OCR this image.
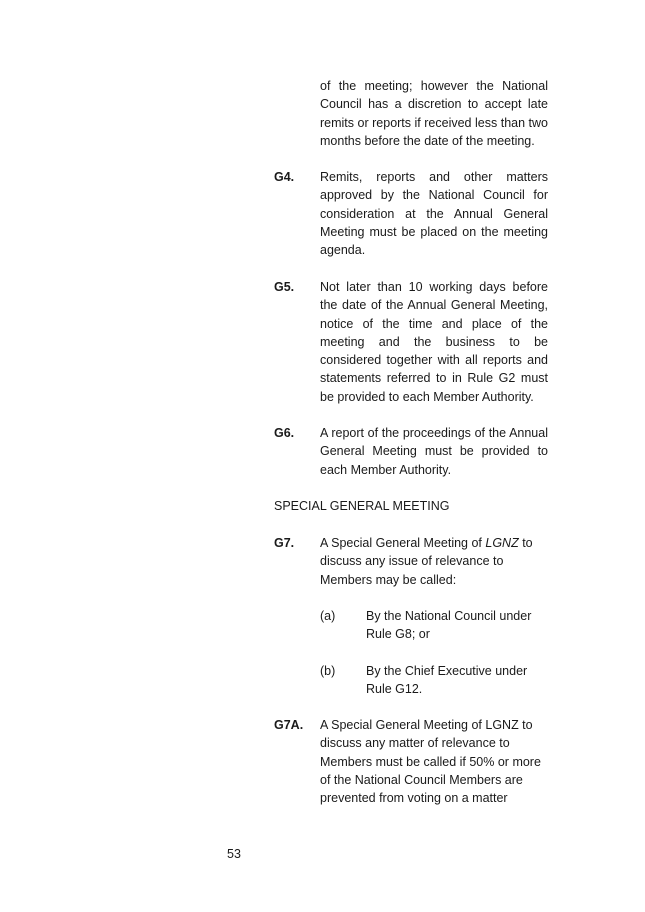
of the meeting; however the National Council has a discretion to accept late remits or reports if received less than two months before the date of the meeting.
G4. Remits, reports and other matters approved by the National Council for consideration at the Annual General Meeting must be placed on the meeting agenda.
G5. Not later than 10 working days before the date of the Annual General Meeting, notice of the time and place of the meeting and the business to be considered together with all reports and statements referred to in Rule G2 must be provided to each Member Authority.
G6. A report of the proceedings of the Annual General Meeting must be provided to each Member Authority.
SPECIAL GENERAL MEETING
G7. A Special General Meeting of LGNZ to discuss any issue of relevance to Members may be called:
(a) By the National Council under Rule G8; or
(b) By the Chief Executive under Rule G12.
G7A. A Special General Meeting of LGNZ to discuss any matter of relevance to Members must be called if 50% or more of the National Council Members are prevented from voting on a matter
53
